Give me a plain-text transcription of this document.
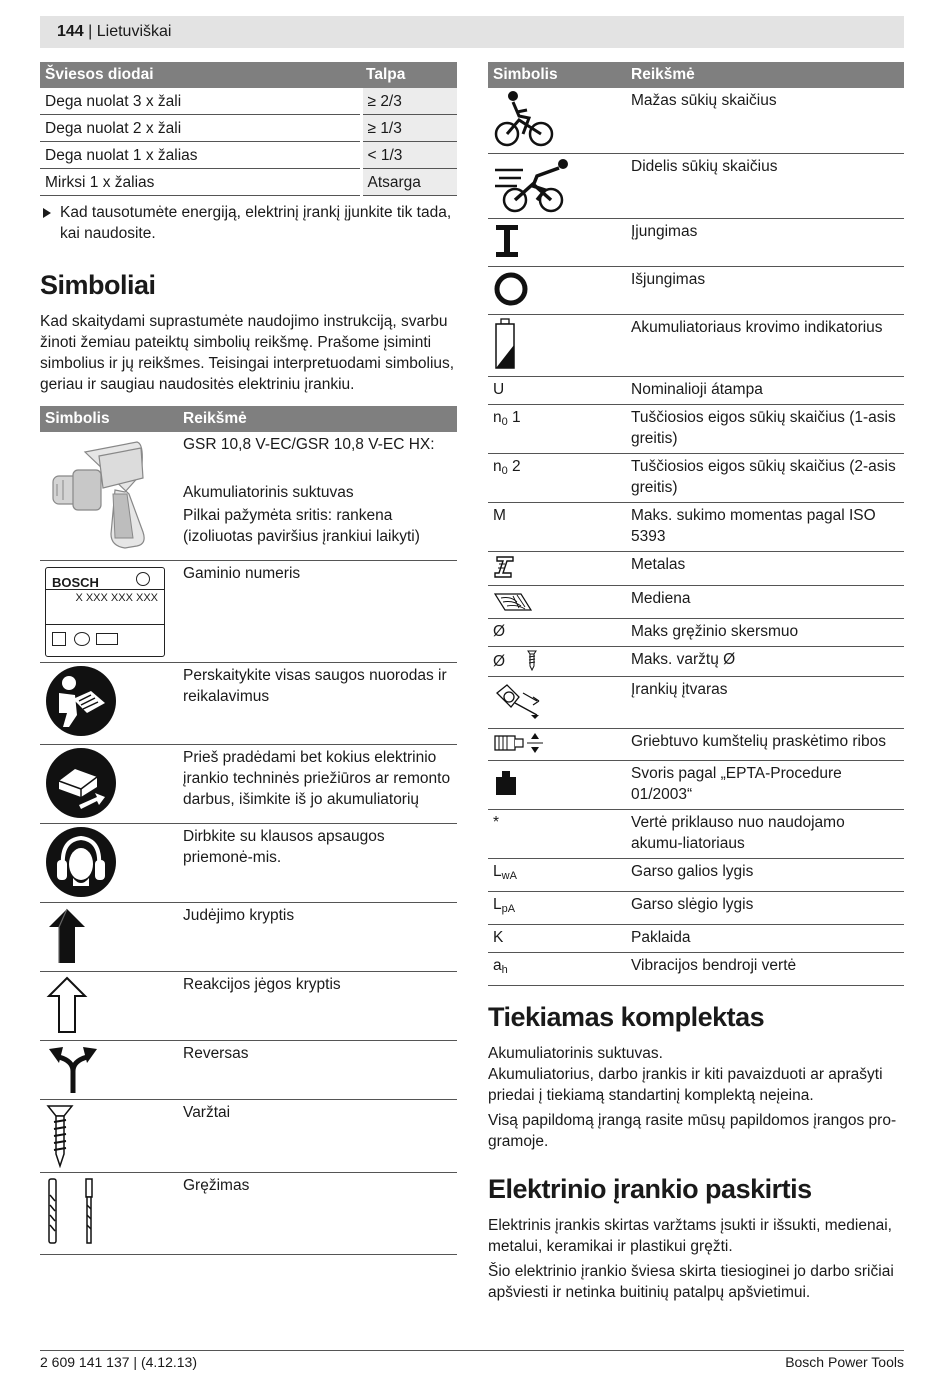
144 | Lietuviškai
Šviesos diodai	Talpa
Dega nuolat 3 x žali	≥ 2/3
Dega nuolat 2 x žali	≥ 1/3
Dega nuolat 1 x žalias	< 1/3
Mirksi 1 x žalias	Atsarga
Kad tausotumėte energiją, elektrinį įrankį įjunkite tik tada, kai naudosite.
Simboliai

Kad skaitydami suprastumėte naudojimo instrukciją, svarbu žinoti žemiau pateiktų simbolių reikšmę. Prašome įsiminti simbolius ir jų reikšmes. Teisingai interpretuodami simbolius, geriau ir saugiau naudositės elektriniu įrankiu.

Simbolis	Reikšmė

GSR 10,8 V-EC/GSR 10,8 V-EC HX:
Akumuliatorinis suktuvas
Pilkai pažymėta sritis: rankena (izoliuotas paviršius įrankiui laikyti)

BOSCH
X XXX XXX XXX	Gaminio numeris

	Perskaitykite visas saugos nuorodas ir reikalavimus

	Prieš pradėdami bet kokius elektrinio įrankio techninės priežiūros ar remonto darbus, išimkite iš jo akumuliatorių

	Dirbkite su klausos apsaugos priemonė-mis.

	Judėjimo kryptis

	Reakcijos jėgos kryptis

	Reversas

	Varžtai

	Gręžimas
Simbolis	Reikšmė

	Mažas sūkių skaičius

	Didelis sūkių skaičius

	Įjungimas

	Išjungimas

	Akumuliatoriaus krovimo indikatorius
U	Nominalioji átampa
$n_0$ 1	Tuščiosios eigos sūkių skaičius (1-asis greitis)
$n_0$ 2	Tuščiosios eigos sūkių skaičius (2-asis greitis)
M	Maks. sukimo momentas pagal ISO 5393

	Metalas

	Mediena
Ø	Maks gręžinio skersmuo
Ø	Maks. varžtų Ø

	Įrankių įtvaras

	Griebtuvo kumštelių praskėtimo ribos

	Svoris pagal „EPTA-Procedure 01/2003“
*	Vertė priklauso nuo naudojamo akumu-liatoriaus
$L_{wA}$	Garso galios lygis
$L_{pA}$	Garso slėgio lygis
K	Paklaida
$a_h$	Vibracijos bendroji vertė
Tiekiamas komplektas

Akumuliatorinis suktuvas.

Akumuliatorius, darbo įrankis ir kiti pavaizduoti ar aprašyti priedai į tiekiamą standartinį komplektą neįeina.

Visą papildomą įrangą rasite mūsų papildomos įrangos pro-gramoje.

Elektrinio įrankio paskirtis

Elektrinis įrankis skirtas varžtams įsukti ir išsukti, medienai, metalui, keramikai ir plastikui gręžti.

Šio elektrinio įrankio šviesa skirta tiesioginei jo darbo sričiai apšviesti ir netinka buitinių patalpų apšvietimui.

2 609 141 137 | (4.12.13)	Bosch Power Tools
